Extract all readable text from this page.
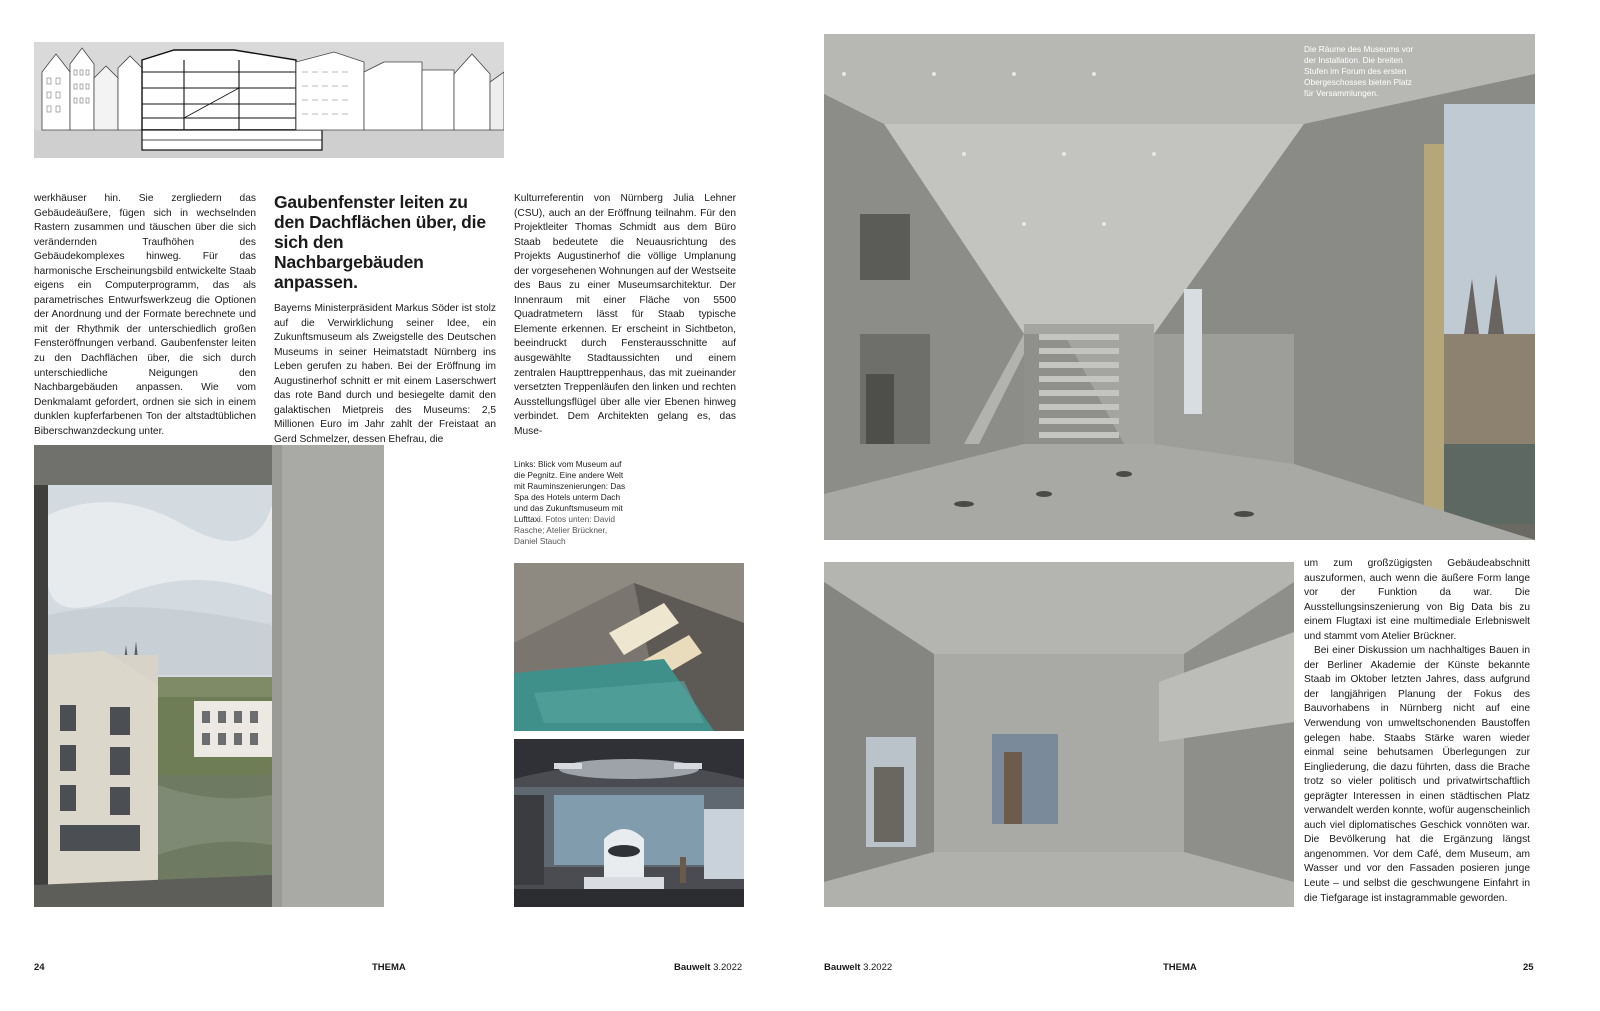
werkhäuser hin. Sie zergliedern das Gebäudeäußere, fügen sich in wechselnden Rastern zusammen und täuschen über die sich verändernden Traufhöhen des Gebäudekomplexes hinweg. Für das harmonische Erscheinungsbild entwickelte Staab eigens ein Computerprogramm, das als parametrisches Entwurfswerkzeug die Optionen der Anordnung und der Formate berechnete und mit der Rhythmik der unterschiedlich großen Fensteröffnungen verband. Gaubenfenster leiten zu den Dachflächen über, die sich durch unterschiedliche Neigungen den Nachbargebäuden anpassen. Wie vom Denkmalamt gefordert, ordnen sie sich in einem dunklen kupferfarbenen Ton der altstadtüblichen Biberschwanzdeckung unter.

Gaubenfenster leiten zu den Dachflächen über, die sich den Nachbargebäuden anpassen.

Bayerns Ministerpräsident Markus Söder ist stolz auf die Verwirklichung seiner Idee, ein Zukunftsmuseum als Zweigstelle des Deutschen Museums in seiner Heimatstadt Nürnberg ins Leben gerufen zu haben. Bei der Eröffnung im Augustinerhof schnitt er mit einem Laserschwert das rote Band durch und besiegelte damit den galaktischen Mietpreis des Museums: 2,5 Millionen Euro im Jahr zahlt der Freistaat an Gerd Schmelzer, dessen Ehefrau, die

Kulturreferentin von Nürnberg Julia Lehner (CSU), auch an der Eröffnung teilnahm. Für den Projektleiter Thomas Schmidt aus dem Büro Staab bedeutete die Neuausrichtung des Projekts Augustinerhof die völlige Umplanung der vorgesehenen Wohnungen auf der Westseite des Baus zu einer Museumsarchitektur. Der Innenraum mit einer Fläche von 5500 Quadratmetern lässt für Staab typische Elemente erkennen. Er erscheint in Sichtbeton, beeindruckt durch Fensterausschnitte auf ausgewählte Stadtaussichten und einem zentralen Haupttreppenhaus, das mit zueinander versetzten Treppenläufen den linken und rechten Ausstellungsflügel über alle vier Ebenen hinweg verbindet. Dem Architekten gelang es, das Muse-

Links: Blick vom Museum auf die Pegnitz. Eine andere Welt mit Rauminszenierungen: Das Spa des Hotels unterm Dach und das Zukunftsmuseum mit Lufttaxi. Fotos unten: David Rasche; Atelier Brückner, Daniel Stauch
24	THEMA	Bauwelt 3.2022
Die Räume des Museums vor der Installation. Die breiten Stufen im Forum des ersten Obergeschosses bieten Platz für Versammlungen.

um zum großzügigsten Gebäudeabschnitt auszuformen, auch wenn die äußere Form lange vor der Funktion da war. Die Ausstellungsinszenierung von Big Data bis zu einem Flugtaxi ist eine multimediale Erlebniswelt und stammt vom Atelier Brückner.

Bei einer Diskussion um nachhaltiges Bauen in der Berliner Akademie der Künste bekannte Staab im Oktober letzten Jahres, dass aufgrund der langjährigen Planung der Fokus des Bauvorhabens in Nürnberg nicht auf eine Verwendung von umweltschonenden Baustoffen gelegen habe. Staabs Stärke waren wieder einmal seine behutsamen Überlegungen zur Eingliederung, die dazu führten, dass die Brache trotz so vieler politisch und privatwirtschaftlich geprägter Interessen in einen städtischen Platz verwandelt werden konnte, wofür augenscheinlich auch viel diplomatisches Geschick vonnöten war. Die Bevölkerung hat die Ergänzung längst angenommen. Vor dem Café, dem Museum, am Wasser und vor den Fassaden posieren junge Leute – und selbst die geschwungene Einfahrt in die Tiefgarage ist instagrammable geworden.

Bauwelt 3.2022	THEMA	25
